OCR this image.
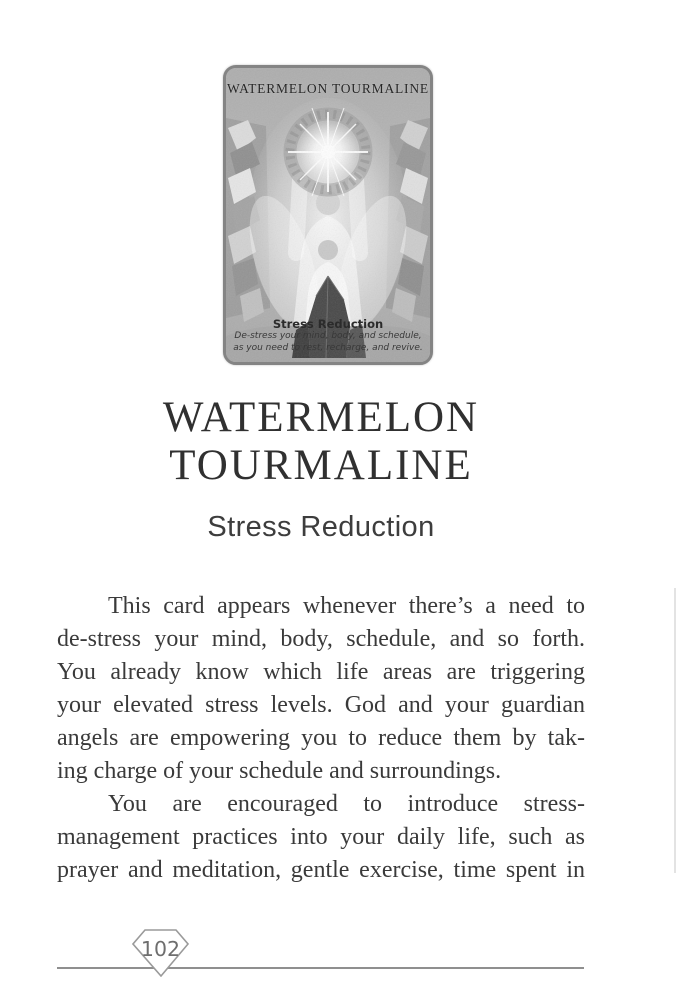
WATERMELON TOURMALINE
Stress Reduction
De-stress your mind, body, and schedule,
as you need to rest, recharge, and revive.
WATERMELON
TOURMALINE
Stress Reduction
This card appears whenever there’s a need to
de-stress your mind, body, schedule, and so forth.
You already know which life areas are triggering
your elevated stress levels. God and your guardian
angels are empowering you to reduce them by tak-
ing charge of your schedule and surroundings.
You are encouraged to introduce stress-
management practices into your daily life, such as
prayer and meditation, gentle exercise, time spent in
102
